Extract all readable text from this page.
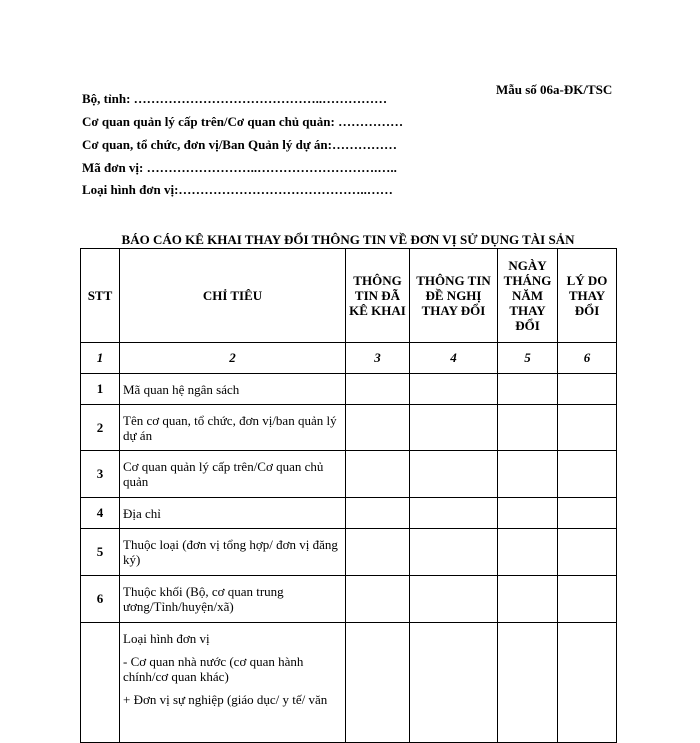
Mẫu số 06a-ĐK/TSC
Bộ, tỉnh: ……………………………………..……………
Cơ quan quản lý cấp trên/Cơ quan chủ quản: ……………
Cơ quan, tổ chức, đơn vị/Ban Quản lý dự án:……………
Mã đơn vị: ……………………..……………………….…..
Loại hình đơn vị:……………………………………..……
BÁO CÁO KÊ KHAI THAY ĐỔI THÔNG TIN VỀ ĐƠN VỊ SỬ DỤNG TÀI SẢN
STT	CHỈ TIÊU	THÔNG TIN ĐÃ KÊ KHAI	THÔNG TIN ĐỀ NGHỊ THAY ĐỔI	NGÀY THÁNG NĂM THAY ĐỔI	LÝ DO THAY ĐỔI
1	2	3	4	5	6
1	Mã quan hệ ngân sách				
2	Tên cơ quan, tổ chức, đơn vị/ban quản lý dự án				
3	Cơ quan quản lý cấp trên/Cơ quan chủ quản				
4	Địa chỉ				
5	Thuộc loại (đơn vị tổng hợp/ đơn vị đăng ký)				
6	Thuộc khối (Bộ, cơ quan trung ương/Tỉnh/huyện/xã)				

	Loại hình đơn vị
- Cơ quan nhà nước (cơ quan hành chính/cơ quan khác)
+ Đơn vị sự nghiệp (giáo dục/ y tế/ văn				
